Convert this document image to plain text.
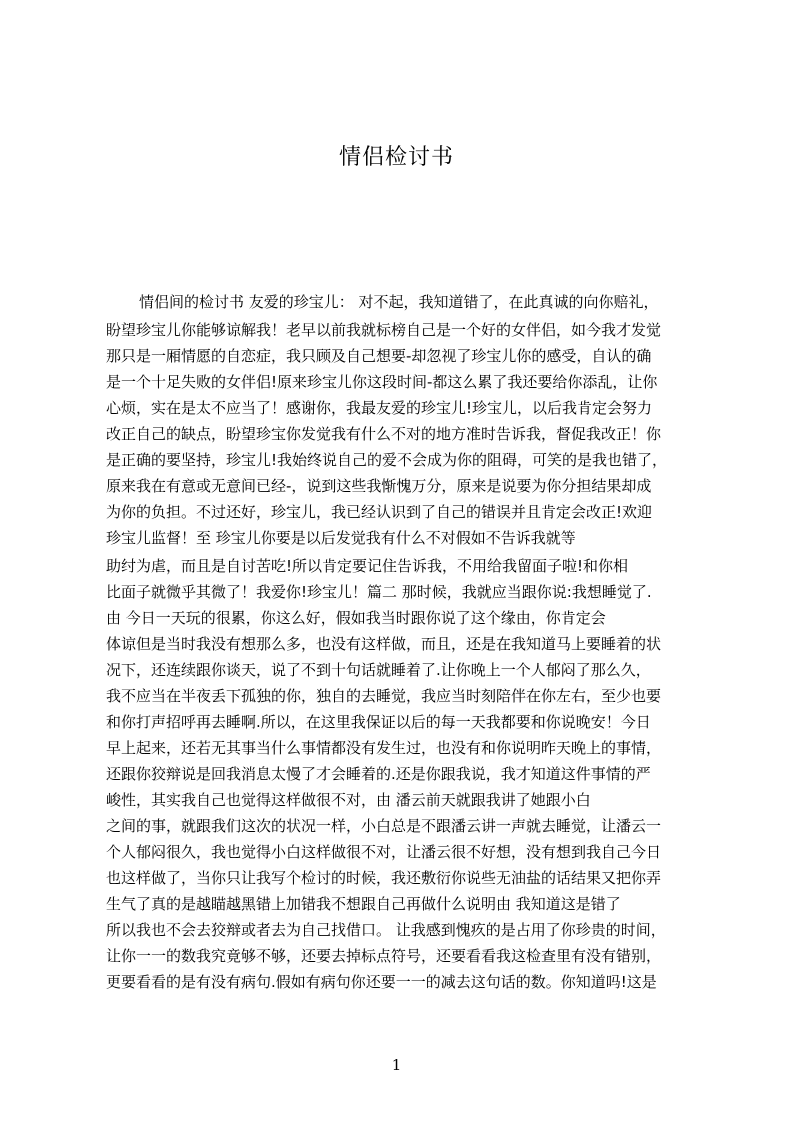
情侣检讨书
情侣间的检讨书 友爱的珍宝儿： 对不起，我知道错了，在此真诚的向你赔礼，
盼望珍宝儿你能够谅解我！老早以前我就标榜自己是一个好的女伴侣，如今我才发觉
那只是一厢情愿的自恋症，我只顾及自己想要-却忽视了珍宝儿你的感受，自认的确
是一个十足失败的女伴侣!原来珍宝儿你这段时间-都这么累了我还要给你添乱，让你
心烦，实在是太不应当了！感谢你，我最友爱的珍宝儿!珍宝儿，以后我肯定会努力
改正自己的缺点，盼望珍宝你发觉我有什么不对的地方准时告诉我，督促我改正！你
是正确的要坚持，珍宝儿!我始终说自己的爱不会成为你的阻碍，可笑的是我也错了，
原来我在有意或无意间已经-，说到这些我惭愧万分，原来是说要为你分担结果却成
为你的负担。不过还好，珍宝儿，我已经认识到了自己的错误并且肯定会改正!欢迎
珍宝儿监督！至 珍宝儿你要是以后发觉我有什么不对假如不告诉我就等
助纣为虐，而且是自讨苦吃!所以肯定要记住告诉我，不用给我留面子啦!和你相
比面子就微乎其微了！我爱你!珍宝儿！篇二 那时候，我就应当跟你说:我想睡觉了.
由 今日一天玩的很累，你这么好，假如我当时跟你说了这个缘由，你肯定会
体谅但是当时我没有想那么多，也没有这样做，而且，还是在我知道马上要睡着的状
况下，还连续跟你谈天，说了不到十句话就睡着了.让你晚上一个人郁闷了那么久，
我不应当在半夜丢下孤独的你，独自的去睡觉，我应当时刻陪伴在你左右，至少也要
和你打声招呼再去睡啊.所以，在这里我保证以后的每一天我都要和你说晚安！今日
早上起来，还若无其事当什么事情都没有发生过，也没有和你说明昨天晚上的事情，
还跟你狡辩说是回我消息太慢了才会睡着的.还是你跟我说，我才知道这件事情的严
峻性，其实我自己也觉得这样做很不对，由 潘云前天就跟我讲了她跟小白
之间的事，就跟我们这次的状况一样，小白总是不跟潘云讲一声就去睡觉，让潘云一
个人郁闷很久，我也觉得小白这样做很不对，让潘云很不好想，没有想到我自己今日
也这样做了，当你只让我写个检讨的时候，我还敷衍你说些无油盐的话结果又把你弄
生气了真的是越瞄越黑错上加错我不想跟自己再做什么说明由 我知道这是错了
所以我也不会去狡辩或者去为自己找借口。 让我感到愧疚的是占用了你珍贵的时间，
让你一一的数我究竟够不够，还要去掉标点符号，还要看看我这检查里有没有错别，
更要看看的是有没有病句.假如有病句你还要一一的减去这句话的数。你知道吗!这是
1
